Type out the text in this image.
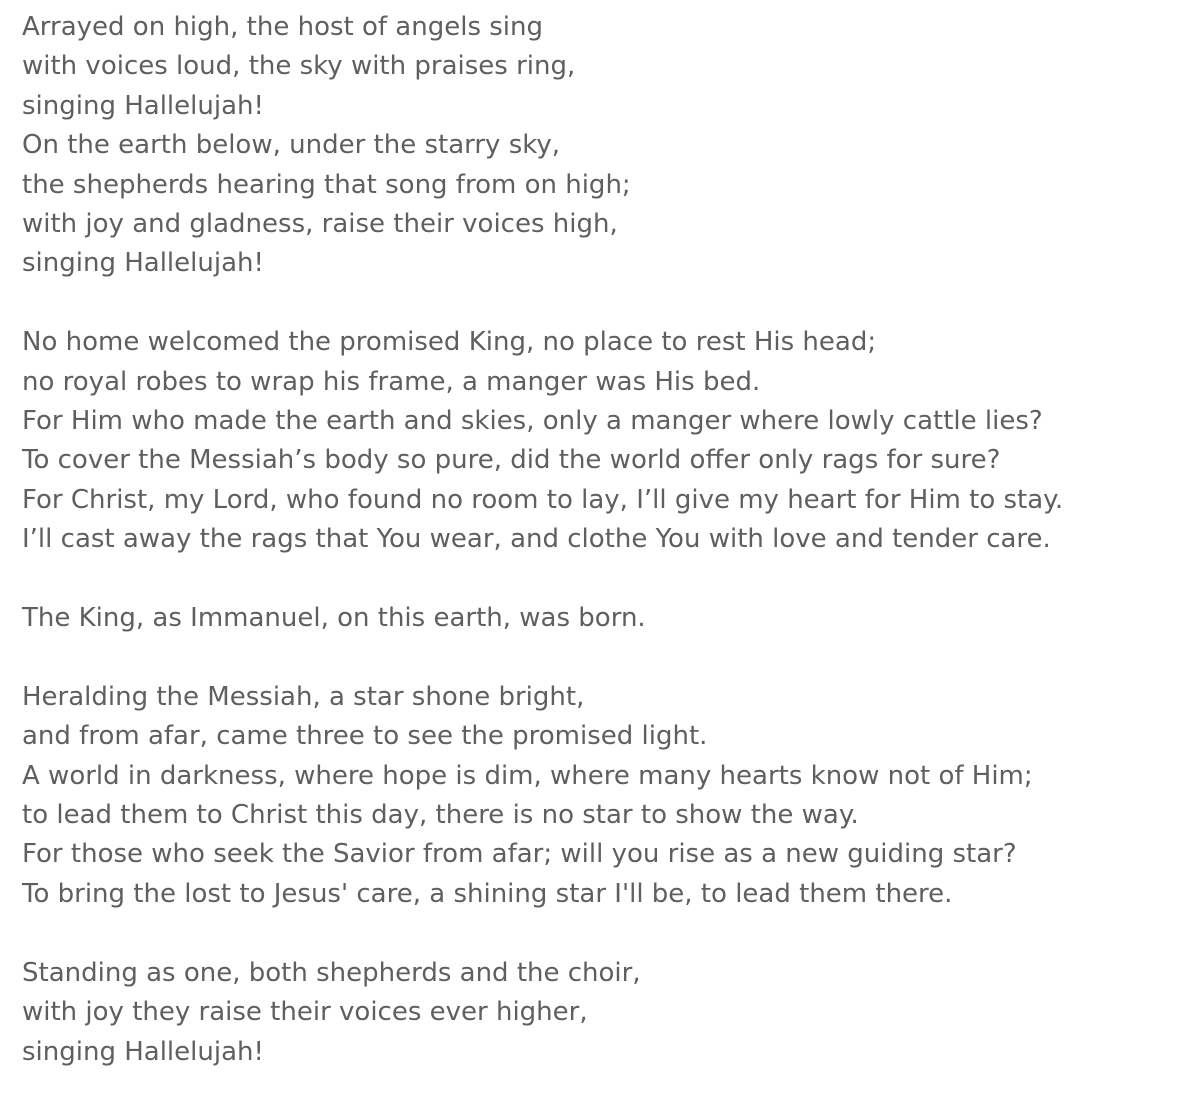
Arrayed on high, the host of angels sing
with voices loud, the sky with praises ring,
singing Hallelujah!
On the earth below, under the starry sky,
the shepherds hearing that song from on high;
with joy and gladness, raise their voices high,
singing Hallelujah!
No home welcomed the promised King, no place to rest His head;
no royal robes to wrap his frame, a manger was His bed.
For Him who made the earth and skies, only a manger where lowly cattle lies?
To cover the Messiah’s body so pure, did the world offer only rags for sure?
For Christ, my Lord, who found no room to lay, I’ll give my heart for Him to stay.
I’ll cast away the rags that You wear, and clothe You with love and tender care.
The King, as Immanuel, on this earth, was born.
Heralding the Messiah, a star shone bright,
and from afar, came three to see the promised light.
A world in darkness, where hope is dim, where many hearts know not of Him;
to lead them to Christ this day, there is no star to show the way.
For those who seek the Savior from afar; will you rise as a new guiding star?
To bring the lost to Jesus' care, a shining star I'll be, to lead them there.
Standing as one, both shepherds and the choir,
with joy they raise their voices ever higher,
singing Hallelujah!
